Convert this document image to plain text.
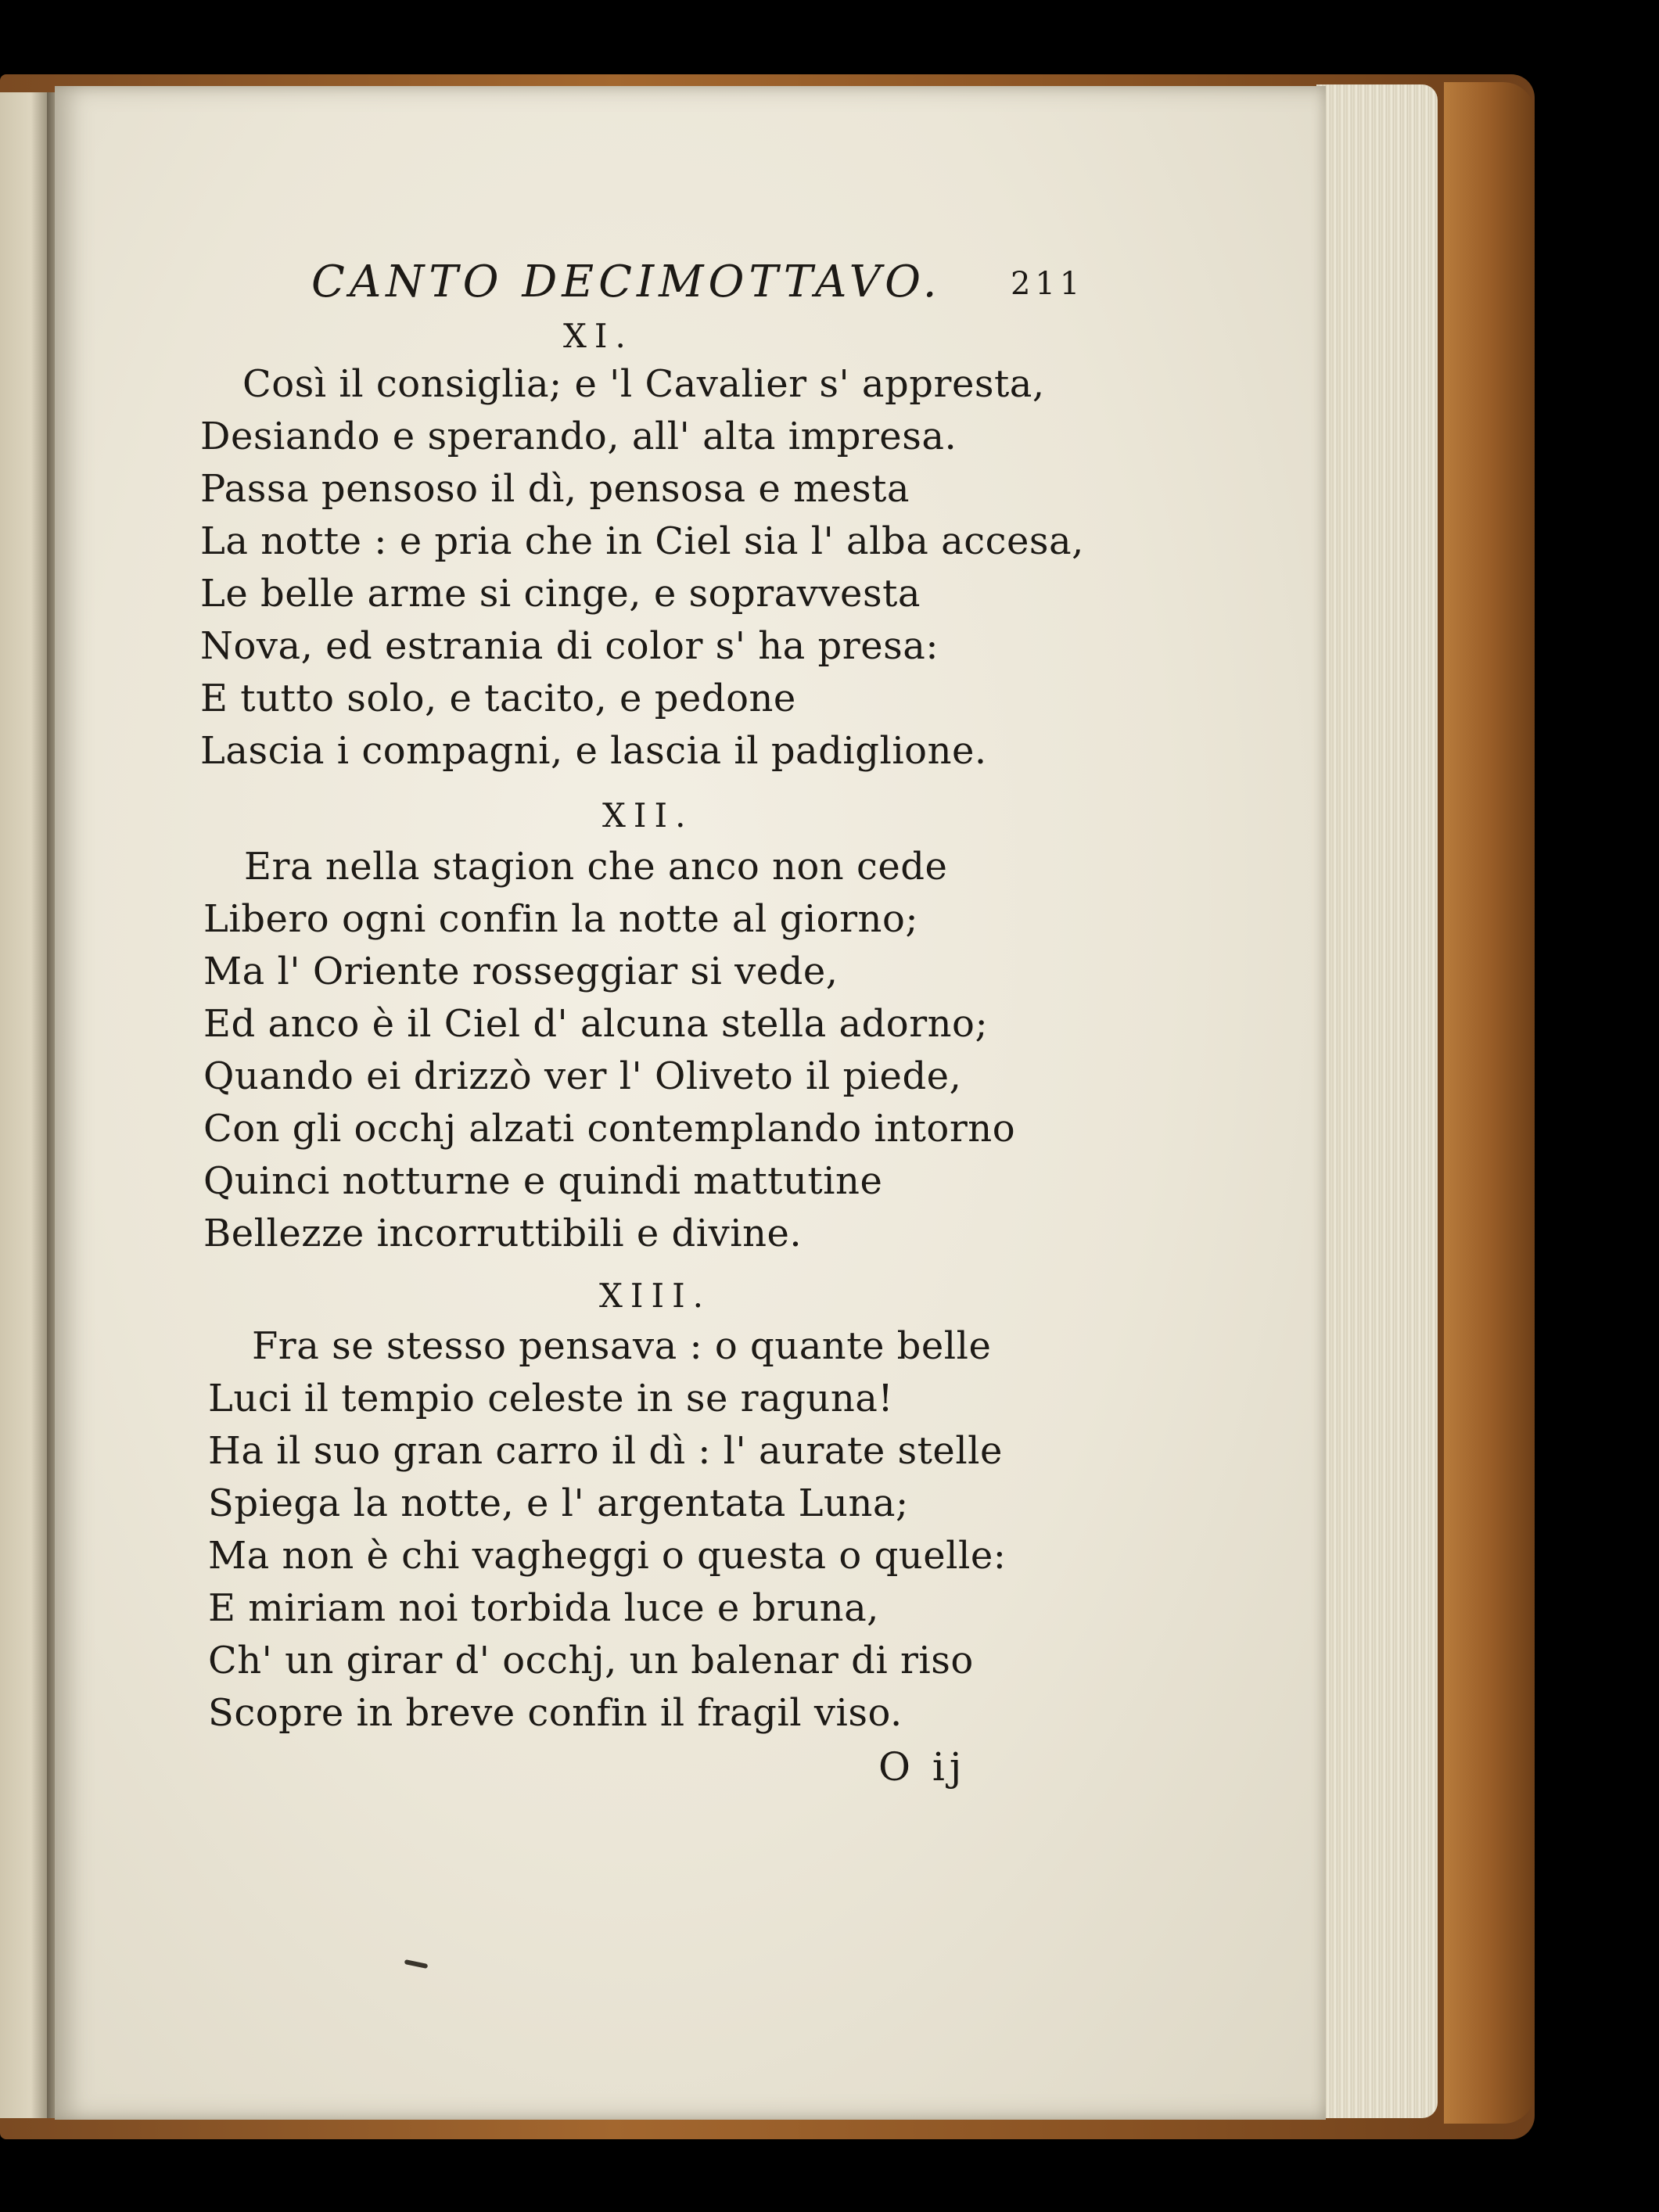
CANTO DECIMOTTAVO. 211
XI.
Così il consiglia; e 'l Cavalier s' appresta,
Desiando e sperando, all' alta impresa.
Passa pensoso il dì, pensosa e mesta
La notte : e pria che in Ciel sia l' alba accesa,
Le belle arme si cinge, e sopravvesta
Nova, ed estrania di color s' ha presa:
E tutto solo, e tacito, e pedone
Lascia i compagni, e lascia il padiglione.
XII.
Era nella stagion che anco non cede
Libero ogni confin la notte al giorno;
Ma l' Oriente rosseggiar si vede,
Ed anco è il Ciel d' alcuna stella adorno;
Quando ei drizzò ver l' Oliveto il piede,
Con gli occhj alzati contemplando intorno
Quinci notturne e quindi mattutine
Bellezze incorruttibili e divine.
XIII.
Fra se stesso pensava : o quante belle
Luci il tempio celeste in se raguna!
Ha il suo gran carro il dì : l' aurate stelle
Spiega la notte, e l' argentata Luna;
Ma non è chi vagheggi o questa o quelle:
E miriam noi torbida luce e bruna,
Ch' un girar d' occhj, un balenar di riso
Scopre in breve confin il fragil viso.
O ij
